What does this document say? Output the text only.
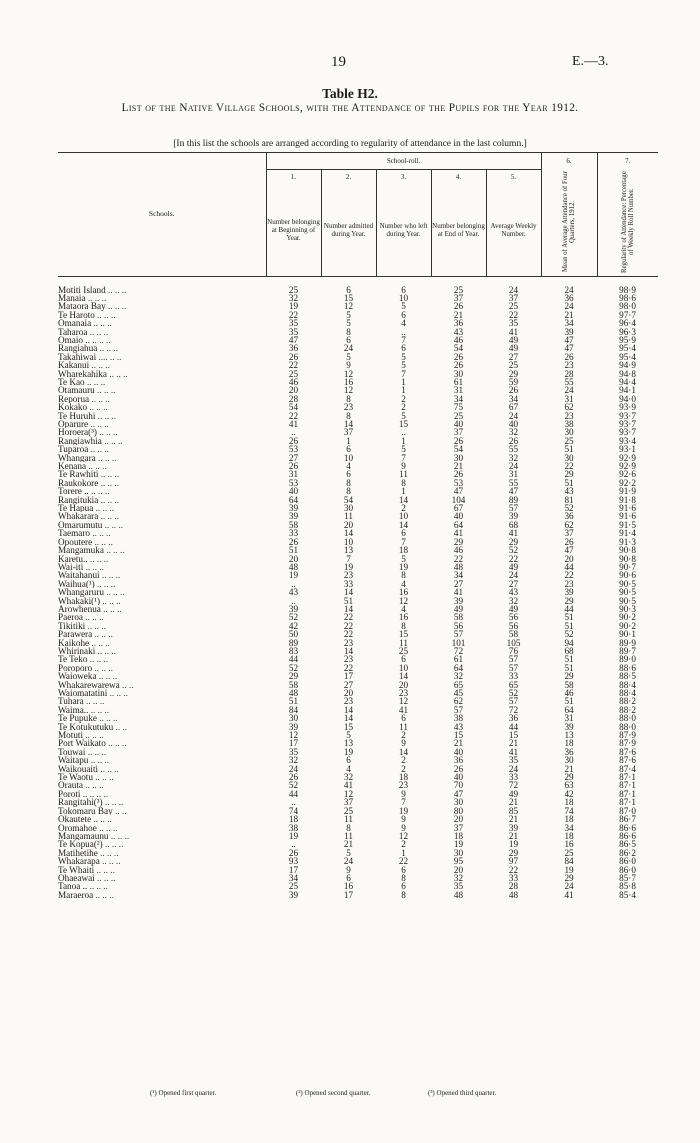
19	E.—3.
Table H2.
List of the Native Village Schools, with the Attendance of the Pupils for the Year 1912.
[In this list the schools are arranged according to regularity of attendance in the last column.]
Schools.	School-roll.					6.	7.
	1.	2.	3.	4.	5.	Mean of Average Attendance of Four Quarters, 1912.	Regularity of Attendance: Percentage of Weekly Roll Number.
	Number belonging at Beginning of Year.	Number admitted during Year.	Number who left during Year.	Number belonging at End of Year.	Average Weekly Number.		

Motiti Island .. .. ..	25	6	6	25	24	24	98·9
Manaia .. .. ..	32	15	10	37	37	36	98·6
Mataora Bay .. .. ..	19	12	5	26	25	24	98·0
Te Haroto .. .. ..	22	5	6	21	22	21	97·7
Omanaia .. .. ..	35	5	4	36	35	34	96·4
Taharoa .. .. ..	35	8	..	43	41	39	96·3
Omaio .. .. .. ..	47	6	7	46	49	47	95·9
Rangiahua .. .. ..	36	24	6	54	49	47	95·4
Takahiwai .... .. ..	26	5	5	26	27	26	95·4
Kakanui .. .. ..	22	9	5	26	25	23	94·9
Wharekahika .. .. ..	25	12	7	30	29	28	94·8
Te Kao .. .. ..	46	16	1	61	59	55	94·4
Otamauru .. .. ..	20	12	1	31	26	24	94·1
Reporua .. .. ..	28	8	2	34	34	31	94·0
Kokako .. .. ..	54	23	2	75	67	62	93·9
Te Huruhi .. .. ..	22	8	5	25	24	23	93·7
Oparure .. .. ..	41	14	15	40	40	38	93·7
Horoera(³) .. .. ..	..	37	..	37	32	30	93·7
Rangiawhia .. .. ..	26	1	1	26	26	25	93·4
Tuparoa .. .. ..	53	6	5	54	55	51	93·1
Whangara .. .. ..	27	10	7	30	32	30	92·9
Kenana .. .. ..	26	4	9	21	24	22	92·9
Te Rawhiti .. .. ..	31	6	11	26	31	29	92·6
Raukokore .. .. ..	53	8	8	53	55	51	92·2
Torere .. .. .. ..	40	8	1	47	47	43	91·9
Rangitukia .. .. ..	64	54	14	104	89	81	91·8
Te Hapua .. .. ..	39	30	2	67	57	52	91·6
Whakarara .. .. ..	39	11	10	40	39	36	91·6
Omarumutu .. .. ..	58	20	14	64	68	62	91·5
Taemaro .. .. ..	33	14	6	41	41	37	91·4
Opoutere .. .. ..	26	10	7	29	29	26	91·3
Mangamuka .. .. ..	51	13	18	46	52	47	90·8
Karetu.. .. .. ..	20	7	5	22	22	20	90·8
Wai-iti .. .. ..	48	19	19	48	49	44	90·7
Waitahanui .. .. ..	19	23	8	34	24	22	90·6
Waihua(¹) .. .. ..	..	33	4	27	27	23	90·5
Whangaruru .. .. ..	43	14	16	41	43	39	90·5
Whakaki(¹) .. .. ..	..	51	12	39	32	29	90·5
Arowhenua .. .. ..	39	14	4	49	49	44	90·3
Paeroa .. .. ..	52	22	16	58	56	51	90·2
Tikitiki .. .. ..	42	22	8	56	56	51	90·2
Parawera .. .. ..	50	22	15	57	58	52	90·1
Kaikohe .. .. ..	89	23	11	101	105	94	89·9
Whirinaki .. .. ..	83	14	25	72	76	68	89·7
Te Teko .. .. ..	44	23	6	61	57	51	89·0
Poroporo .. .. ..	52	22	10	64	57	51	88·6
Waioweka .. .. ..	29	17	14	32	33	29	88·5
Whakarewarewa .. ..	58	27	20	65	65	58	88·4
Waiomatatini .. .. ..	48	20	23	45	52	46	88·4
Tuhara .. .. ..	51	23	12	62	57	51	88·2
Waima.. .. .. ..	84	14	41	57	72	64	88·2
Te Pupuke .. .. ..	30	14	6	38	36	31	88·0
Te Kotukutuku .. ..	39	15	11	43	44	39	88·0
Motuti .. .. ..	12	5	2	15	15	13	87·9
Port Waikato .. .. ..	17	13	9	21	21	18	87·9
Touwai .. .. ..	35	19	14	40	41	36	87·6
Waitapu .. .. ..	32	6	2	36	35	30	87·6
Waikouaiti .. .. ..	24	4	2	26	24	21	87·4
Te Waotu .. .. ..	26	32	18	40	33	29	87·1
Orauta .. .. ..	52	41	23	70	72	63	87·1
Poroti .. .. .. ..	44	12	9	47	49	42	87·1
Rangitahi(³) .. .. ..	..	37	7	30	21	18	87·1
Tokomaru Bay .. ..	74	25	19	80	85	74	87·0
Okautete .. .. ..	18	11	9	20	21	18	86·7
Oromahoe .. .. ..	38	8	9	37	39	34	86·6
Mangamaunu .. .. ..	19	11	12	18	21	18	86·6
Te Kopua(²) .. .. ..	..	21	2	19	19	16	86·5
Matihetihe .. .. ..	26	5	1	30	29	25	86·2
Whakarapa .. .. ..	93	24	22	95	97	84	86·0
Te Whaiti .. .. ..	17	9	6	20	22	19	86·0
Ohaeawai .. .. ..	34	6	8	32	33	29	85·7
Tanoa .. .. .. ..	25	16	6	35	28	24	85·8
Maraeroa .. .. ..	39	17	8	48	48	41	85·4
(¹) Opened first quarter.	(²) Opened second quarter.	(³) Opened third quarter.
